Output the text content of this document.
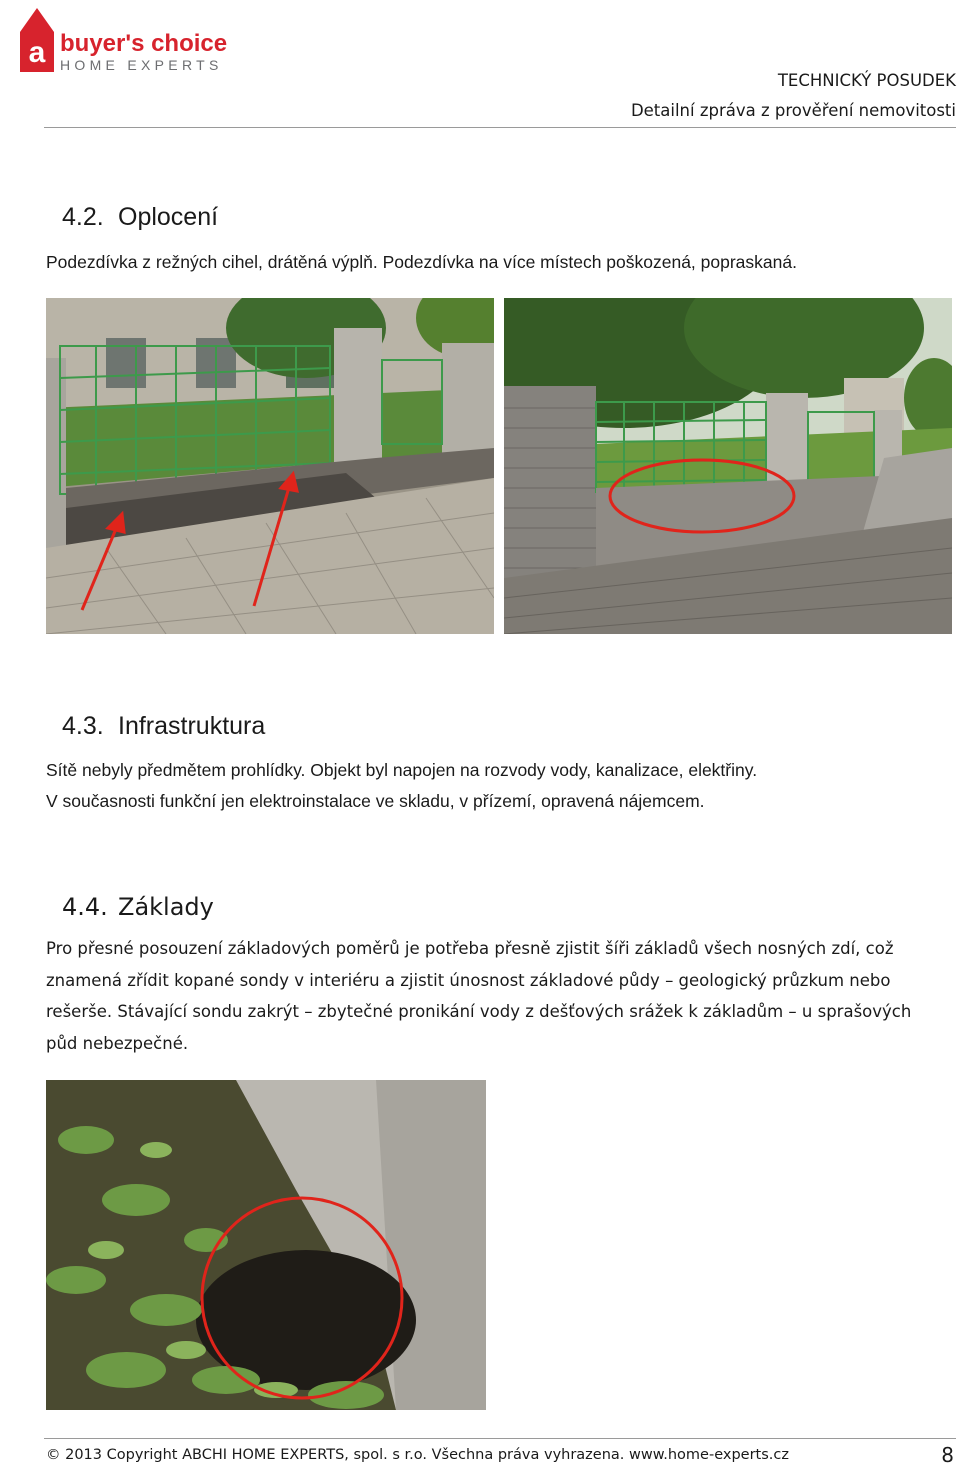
a buyer's choice
HOME EXPERTS
TECHNICKÝ POSUDEK
Detailní zpráva z prověření nemovitosti
4.2. Oplocení

Podezdívka z režných cihel, drátěná výplň. Podezdívka na více místech poškozená, popraskaná.

4.3. Infrastruktura

Sítě nebyly předmětem prohlídky. Objekt byl napojen na rozvody vody, kanalizace, elektřiny.

V současnosti funkční jen elektroinstalace ve skladu, v přízemí, opravená nájemcem.

4.4. Základy

Pro přesné posouzení základových poměrů je potřeba přesně zjistit šíři základů všech nosných zdí, což znamená zřídit kopané sondy v interiéru a zjistit únosnost základové půdy – geologický průzkum nebo rešerše. Stávající sondu zakrýt – zbytečné pronikání vody z dešťových srážek k základům – u sprašových půd nebezpečné.

© 2013 Copyright ABCHI HOME EXPERTS, spol. s r.o. Všechna práva vyhrazena. www.home-experts.cz	8
